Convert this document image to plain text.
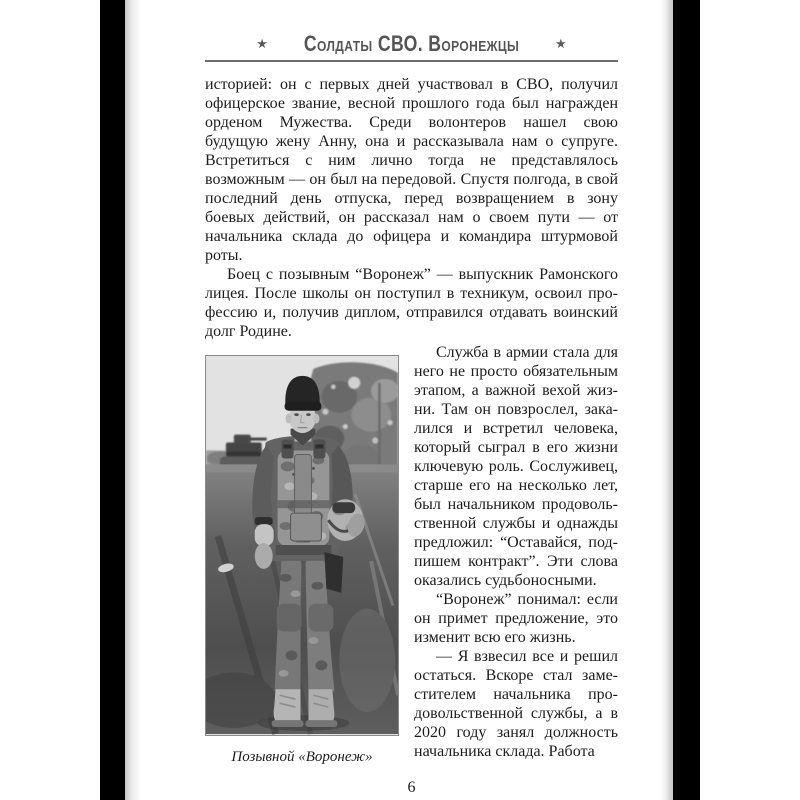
★ Солдаты СВО. Воронежцы	★

историей: он с первых дней участвовал в СВО, получил офицерское звание, весной прошлого года был награжден орденом Мужества. Среди волонтеров нашел свою будущую жену Анну, она и рассказывала нам о супруге. Встретиться с ним лично тогда не представлялось возможным — он был на передовой. Спустя полгода, в свой последний день отпуска, перед возвращением в зону боевых действий, он рассказал нам о своем пути — от начальника склада до офицера и командира штурмовой роты.

Боец с позывным “Воронеж” — выпускник Рамонского лицея. После школы он поступил в техникум, освоил профессию и, получив диплом, отправился отдавать воинский долг Родине.

Позывной «Воронеж»

Служба в армии стала для него не просто обязательным этапом, а важной вехой жизни. Там он повзрослел, закалился и встретил человека, который сыграл в его жизни ключевую роль. Сослуживец, старше его на несколько лет, был начальником продовольственной службы и однажды предложил: “Оставайся, подпишем контракт”. Эти слова оказались судьбоносными.

“Воронеж” понимал: если он примет предложение, это изменит всю его жизнь.

— Я взвесил все и решил остаться. Вскоре стал заместителем начальника продовольственной службы, а в 2020 году занял должность начальника склада. Работа

6
